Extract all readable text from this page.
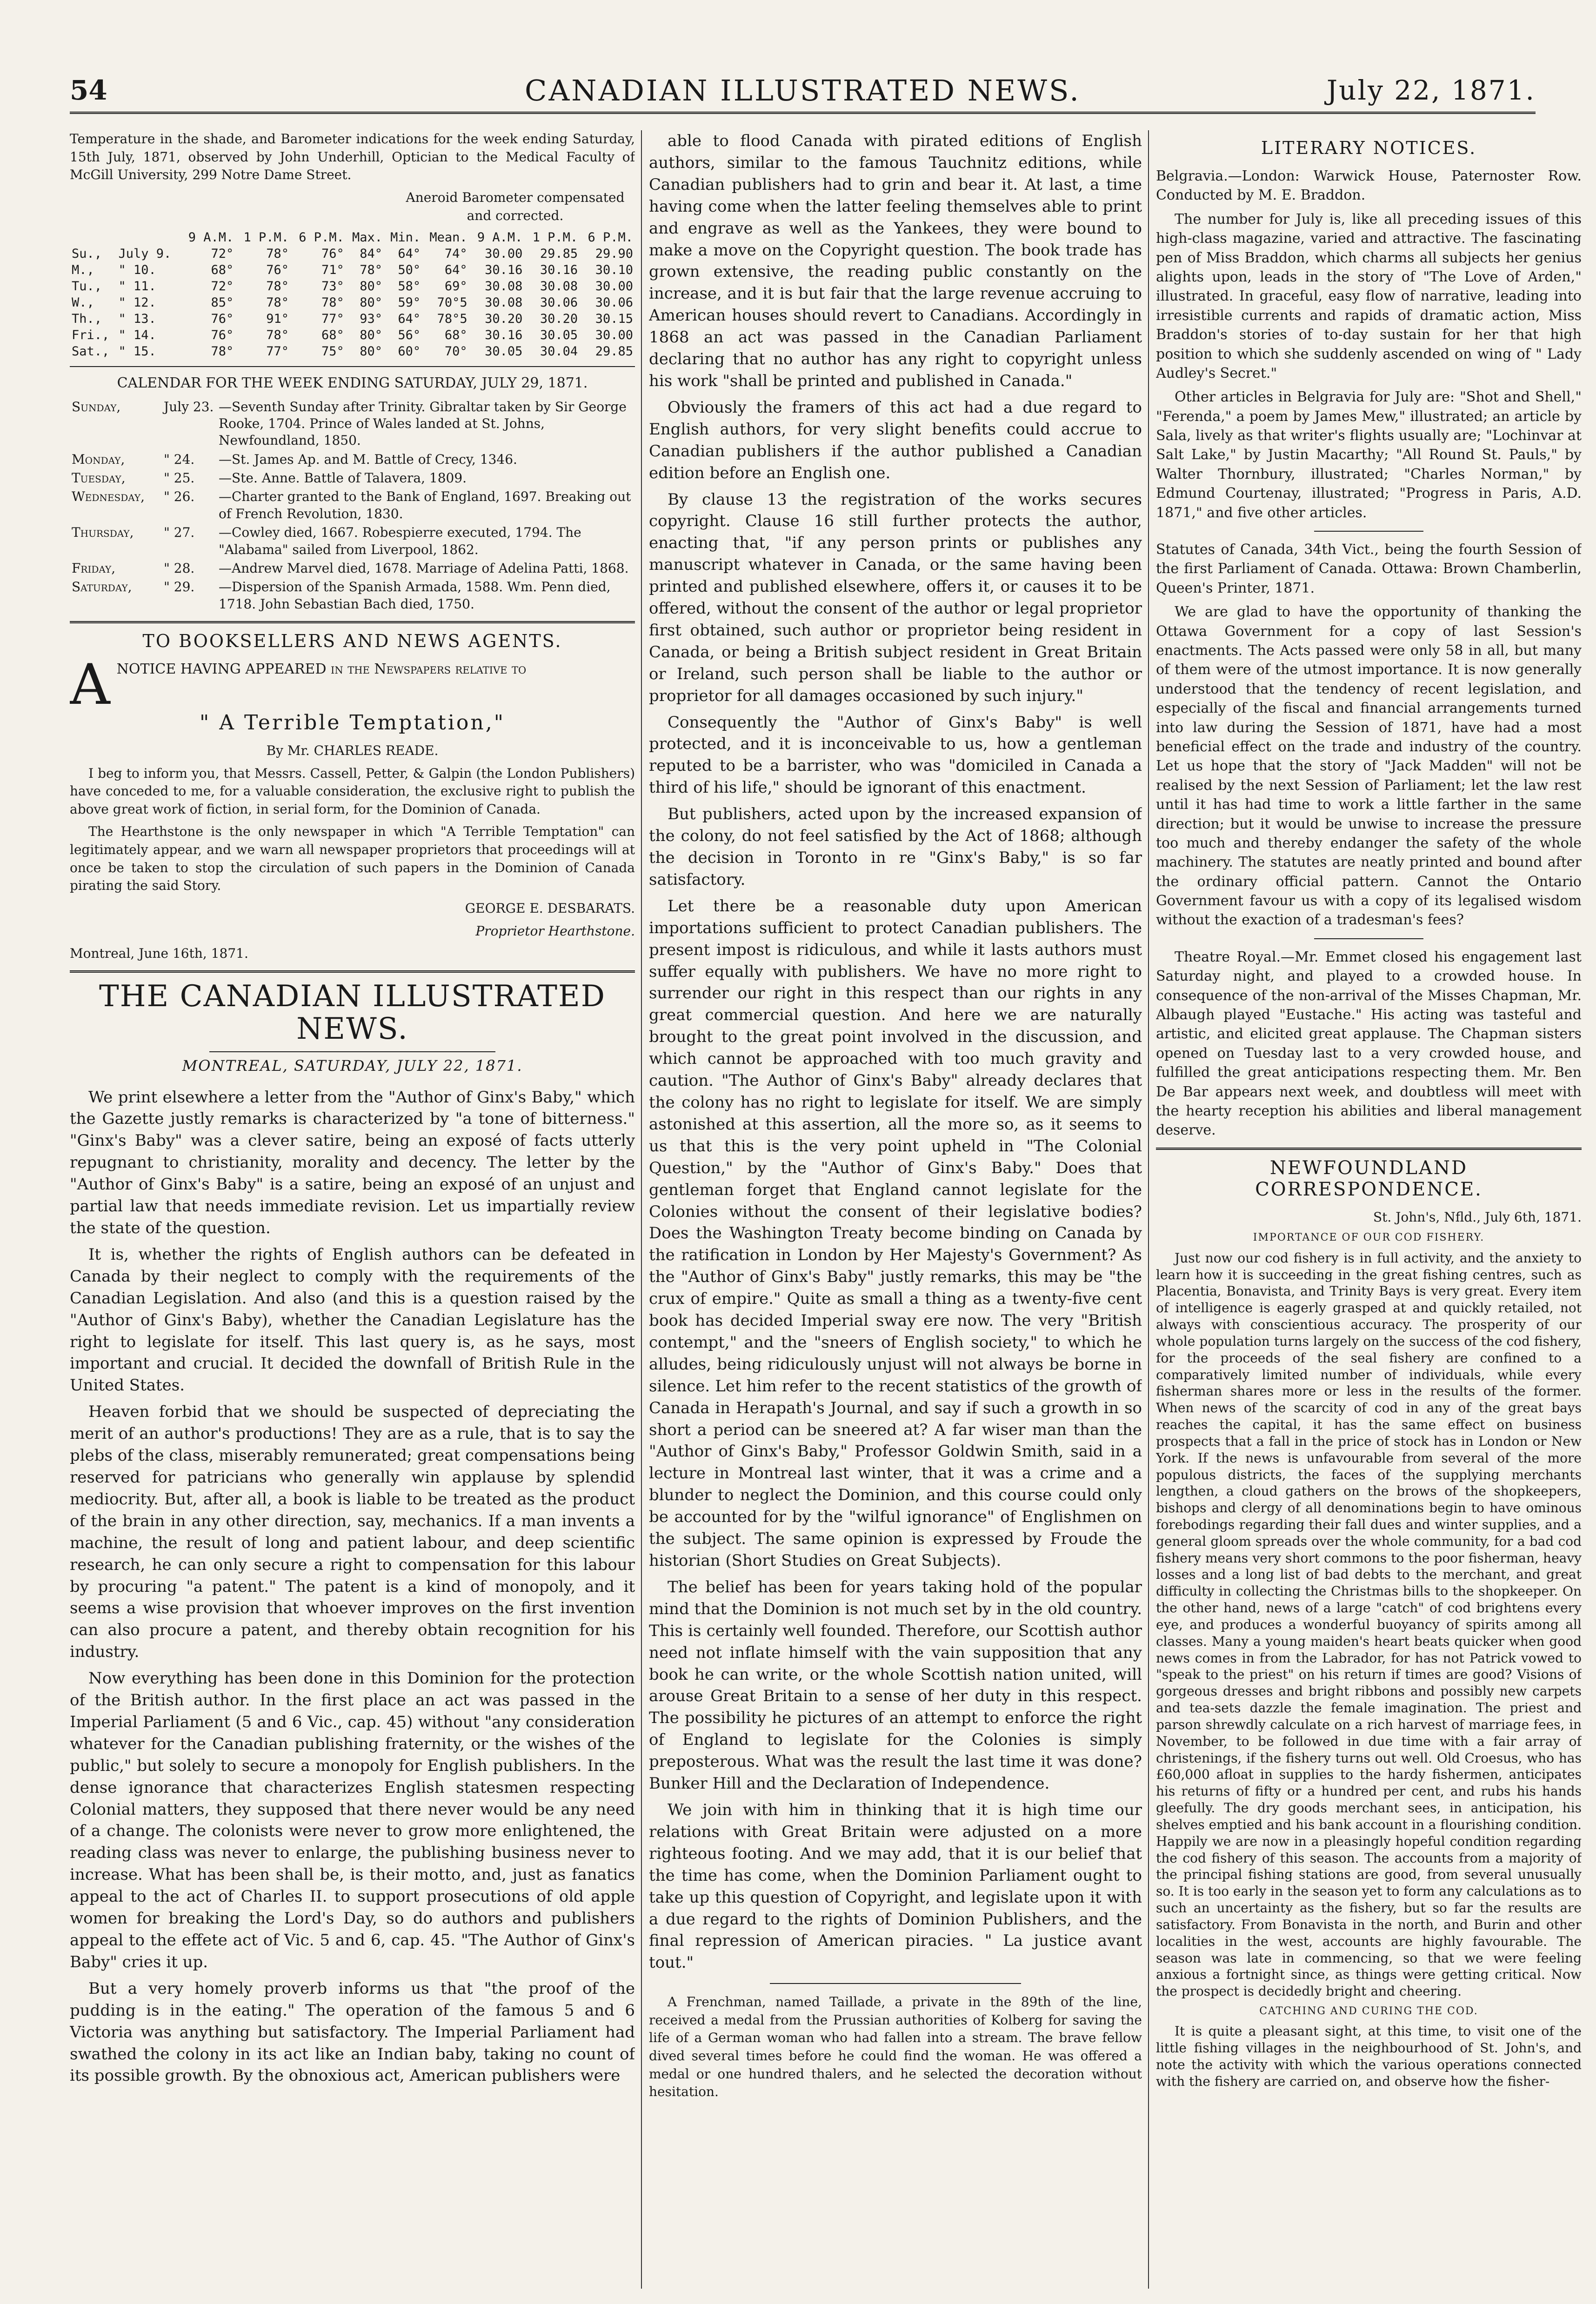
54	CANADIAN ILLUSTRATED NEWS.	July 22, 1871.

Temperature in the shade, and Barometer indications for the week ending Saturday, 15th July, 1871, observed by John Underhill, Optician to the Medical Faculty of McGill University, 299 Notre Dame Street.

Aneroid Barometer compensated and corrected.

		9 A.M.	1 P.M.	6 P.M.	Max.	Min.	Mean.	9 A.M.	1 P.M.	6 P.M.
Su.,	July 9.	72°	78°	76°	84°	64°	74°	30.00	29.85	29.90
M.,	" 10.	68°	76°	71°	78°	50°	64°	30.16	30.16	30.10
Tu.,	" 11.	72°	78°	73°	80°	58°	69°	30.08	30.08	30.00
W.,	" 12.	85°	78°	78°	80°	59°	70°5	30.08	30.06	30.06
Th.,	" 13.	76°	91°	77°	93°	64°	78°5	30.20	30.20	30.15
Fri.,	" 14.	76°	78°	68°	80°	56°	68°	30.16	30.05	30.00
Sat.,	" 15.	78°	77°	75°	80°	60°	70°	30.05	30.04	29.85

CALENDAR FOR THE WEEK ENDING SATURDAY, JULY 29, 1871.

Sunday,	July 23.	—Seventh Sunday after Trinity. Gibraltar taken by Sir George Rooke, 1704. Prince of Wales landed at St. Johns, Newfoundland, 1850.
Monday,	" 24.	—St. James Ap. and M. Battle of Crecy, 1346.
Tuesday,	" 25.	—Ste. Anne. Battle of Talavera, 1809.
Wednesday,	" 26.	—Charter granted to the Bank of England, 1697. Breaking out of French Revolution, 1830.
Thursday,	" 27.	—Cowley died, 1667. Robespierre executed, 1794. The "Alabama" sailed from Liverpool, 1862.
Friday,	" 28.	—Andrew Marvel died, 1678. Marriage of Adelina Patti, 1868.
Saturday,	" 29.	—Dispersion of the Spanish Armada, 1588. Wm. Penn died, 1718. John Sebastian Bach died, 1750.
TO BOOKSELLERS AND NEWS AGENTS.
A NOTICE HAVING APPEARED in the Newspapers relative to

" A Terrible Temptation,"

By Mr. CHARLES READE.

I beg to inform you, that Messrs. Cassell, Petter, & Galpin (the London Publishers) have conceded to me, for a valuable consideration, the exclusive right to publish the above great work of fiction, in serial form, for the Dominion of Canada.

The Hearthstone is the only newspaper in which "A Terrible Temptation" can legitimately appear, and we warn all newspaper proprietors that proceedings will at once be taken to stop the circulation of such papers in the Dominion of Canada pirating the said Story.

GEORGE E. DESBARATS.

Proprietor Hearthstone.

Montreal, June 16th, 1871.

THE CANADIAN ILLUSTRATED NEWS.
MONTREAL, SATURDAY, JULY 22, 1871.

We print elsewhere a letter from the "Author of Ginx's Baby," which the Gazette justly remarks is characterized by "a tone of bitterness." "Ginx's Baby" was a clever satire, being an exposé of facts utterly repugnant to christianity, morality and decency. The letter by the "Author of Ginx's Baby" is a satire, being an exposé of an unjust and partial law that needs immediate revision. Let us impartially review the state of the question.

It is, whether the rights of English authors can be defeated in Canada by their neglect to comply with the requirements of the Canadian Legislation. And also (and this is a question raised by the "Author of Ginx's Baby), whether the Canadian Legislature has the right to legislate for itself. This last query is, as he says, most important and crucial. It decided the downfall of British Rule in the United States.

Heaven forbid that we should be suspected of depreciating the merit of an author's productions! They are as a rule, that is to say the plebs of the class, miserably remunerated; great compensations being reserved for patricians who generally win applause by splendid mediocrity. But, after all, a book is liable to be treated as the product of the brain in any other direction, say, mechanics. If a man invents a machine, the result of long and patient labour, and deep scientific research, he can only secure a right to compensation for this labour by procuring "a patent." The patent is a kind of monopoly, and it seems a wise provision that whoever improves on the first invention can also procure a patent, and thereby obtain recognition for his industry.

Now everything has been done in this Dominion for the protection of the British author. In the first place an act was passed in the Imperial Parliament (5 and 6 Vic., cap. 45) without "any consideration whatever for the Canadian publishing fraternity, or the wishes of the public," but solely to secure a monopoly for English publishers. In the dense ignorance that characterizes English statesmen respecting Colonial matters, they supposed that there never would be any need of a change. The colonists were never to grow more enlightened, the reading class was never to enlarge, the publishing business never to increase. What has been shall be, is their motto, and, just as fanatics appeal to the act of Charles II. to support prosecutions of old apple women for breaking the Lord's Day, so do authors and publishers appeal to the effete act of Vic. 5 and 6, cap. 45. "The Author of Ginx's Baby" cries it up.

But a very homely proverb informs us that "the proof of the pudding is in the eating." The operation of the famous 5 and 6 Victoria was anything but satisfactory. The Imperial Parliament had swathed the colony in its act like an Indian baby, taking no count of its possible growth. By the obnoxious act, American publishers were

able to flood Canada with pirated editions of English authors, similar to the famous Tauchnitz editions, while Canadian publishers had to grin and bear it. At last, a time having come when the latter feeling themselves able to print and engrave as well as the Yankees, they were bound to make a move on the Copyright question. The book trade has grown extensive, the reading public constantly on the increase, and it is but fair that the large revenue accruing to American houses should revert to Canadians. Accordingly in 1868 an act was passed in the Canadian Parliament declaring that no author has any right to copyright unless his work "shall be printed and published in Canada."

Obviously the framers of this act had a due regard to English authors, for very slight benefits could accrue to Canadian publishers if the author published a Canadian edition before an English one.

By clause 13 the registration of the works secures copyright. Clause 16 still further protects the author, enacting that, "if any person prints or publishes any manuscript whatever in Canada, or the same having been printed and published elsewhere, offers it, or causes it to be offered, without the consent of the author or legal proprietor first obtained, such author or proprietor being resident in Canada, or being a British subject resident in Great Britain or Ireland, such person shall be liable to the author or proprietor for all damages occasioned by such injury."

Consequently the "Author of Ginx's Baby" is well protected, and it is inconceivable to us, how a gentleman reputed to be a barrister, who was "domiciled in Canada a third of his life," should be ignorant of this enactment.

But publishers, acted upon by the increased expansion of the colony, do not feel satisfied by the Act of 1868; although the decision in Toronto in re "Ginx's Baby," is so far satisfactory.

Let there be a reasonable duty upon American importations sufficient to protect Canadian publishers. The present impost is ridiculous, and while it lasts authors must suffer equally with publishers. We have no more right to surrender our right in this respect than our rights in any great commercial question. And here we are naturally brought to the great point involved in the discussion, and which cannot be approached with too much gravity and caution. "The Author of Ginx's Baby" already declares that the colony has no right to legislate for itself. We are simply astonished at this assertion, all the more so, as it seems to us that this is the very point upheld in "The Colonial Question," by the "Author of Ginx's Baby." Does that gentleman forget that England cannot legislate for the Colonies without the consent of their legislative bodies? Does the Washington Treaty become binding on Canada by the ratification in London by Her Majesty's Government? As the "Author of Ginx's Baby" justly remarks, this may be "the crux of empire." Quite as small a thing as a twenty-five cent book has decided Imperial sway ere now. The very "British contempt," and the "sneers of English society," to which he alludes, being ridiculously unjust will not always be borne in silence. Let him refer to the recent statistics of the growth of Canada in Herapath's Journal, and say if such a growth in so short a period can be sneered at? A far wiser man than the "Author of Ginx's Baby," Professor Goldwin Smith, said in a lecture in Montreal last winter, that it was a crime and a blunder to neglect the Dominion, and this course could only be accounted for by the "wilful ignorance" of Englishmen on the subject. The same opinion is expressed by Froude the historian (Short Studies on Great Subjects).

The belief has been for years taking hold of the popular mind that the Dominion is not much set by in the old country. This is certainly well founded. Therefore, our Scottish author need not inflate himself with the vain supposition that any book he can write, or the whole Scottish nation united, will arouse Great Britain to a sense of her duty in this respect. The possibility he pictures of an attempt to enforce the right of England to legislate for the Colonies is simply preposterous. What was the result the last time it was done? Bunker Hill and the Declaration of Independence.

We join with him in thinking that it is high time our relations with Great Britain were adjusted on a more righteous footing. And we may add, that it is our belief that the time has come, when the Dominion Parliament ought to take up this question of Copyright, and legislate upon it with a due regard to the rights of Dominion Publishers, and the final repression of American piracies. " La justice avant tout."

A Frenchman, named Taillade, a private in the 89th of the line, received a medal from the Prussian authorities of Kolberg for saving the life of a German woman who had fallen into a stream. The brave fellow dived several times before he could find the woman. He was offered a medal or one hundred thalers, and he selected the decoration without hesitation.

LITERARY NOTICES.

Belgravia.—London: Warwick House, Paternoster Row. Conducted by M. E. Braddon.

The number for July is, like all preceding issues of this high-class magazine, varied and attractive. The fascinating pen of Miss Braddon, which charms all subjects her genius alights upon, leads in the story of "The Love of Arden," illustrated. In graceful, easy flow of narrative, leading into irresistible currents and rapids of dramatic action, Miss Braddon's stories of to-day sustain for her that high position to which she suddenly ascended on wing of " Lady Audley's Secret."

Other articles in Belgravia for July are: "Shot and Shell," "Ferenda," a poem by James Mew," illustrated; an article by Sala, lively as that writer's flights usually are; "Lochinvar at Salt Lake," by Justin Macarthy; "All Round St. Pauls," by Walter Thornbury, illustrated; "Charles Norman," by Edmund Courtenay, illustrated; "Progress in Paris, A.D. 1871," and five other articles.

Statutes of Canada, 34th Vict., being the fourth Session of the first Parliament of Canada. Ottawa: Brown Chamberlin, Queen's Printer, 1871.

We are glad to have the opportunity of thanking the Ottawa Government for a copy of last Session's enactments. The Acts passed were only 58 in all, but many of them were of the utmost importance. It is now generally understood that the tendency of recent legislation, and especially of the fiscal and financial arrangements turned into law during the Session of 1871, have had a most beneficial effect on the trade and industry of the country. Let us hope that the story of "Jack Madden" will not be realised by the next Session of Parliament; let the law rest until it has had time to work a little farther in the same direction; but it would be unwise to increase the pressure too much and thereby endanger the safety of the whole machinery. The statutes are neatly printed and bound after the ordinary official pattern. Cannot the Ontario Government favour us with a copy of its legalised wisdom without the exaction of a tradesman's fees?

Theatre Royal.—Mr. Emmet closed his engagement last Saturday night, and played to a crowded house. In consequence of the non-arrival of the Misses Chapman, Mr. Albaugh played "Eustache." His acting was tasteful and artistic, and elicited great applause. The Chapman sisters opened on Tuesday last to a very crowded house, and fulfilled the great anticipations respecting them. Mr. Ben De Bar appears next week, and doubtless will meet with the hearty reception his abilities and liberal management deserve.

NEWFOUNDLAND CORRESPONDENCE.

St. John's, Nfld., July 6th, 1871.

IMPORTANCE OF OUR COD FISHERY.

Just now our cod fishery is in full activity, and the anxiety to learn how it is succeeding in the great fishing centres, such as Placentia, Bonavista, and Trinity Bays is very great. Every item of intelligence is eagerly grasped at and quickly retailed, not always with conscientious accuracy. The prosperity of our whole population turns largely on the success of the cod fishery, for the proceeds of the seal fishery are confined to a comparatively limited number of individuals, while every fisherman shares more or less in the results of the former. When news of the scarcity of cod in any of the great bays reaches the capital, it has the same effect on business prospects that a fall in the price of stock has in London or New York. If the news is unfavourable from several of the more populous districts, the faces of the supplying merchants lengthen, a cloud gathers on the brows of the shopkeepers, bishops and clergy of all denominations begin to have ominous forebodings regarding their fall dues and winter supplies, and a general gloom spreads over the whole community, for a bad cod fishery means very short commons to the poor fisherman, heavy losses and a long list of bad debts to the merchant, and great difficulty in collecting the Christmas bills to the shopkeeper. On the other hand, news of a large "catch" of cod brightens every eye, and produces a wonderful buoyancy of spirits among all classes. Many a young maiden's heart beats quicker when good news comes in from the Labrador, for has not Patrick vowed to "speak to the priest" on his return if times are good? Visions of gorgeous dresses and bright ribbons and possibly new carpets and tea-sets dazzle the female imagination. The priest and parson shrewdly calculate on a rich harvest of marriage fees, in November, to be followed in due time with a fair array of christenings, if the fishery turns out well. Old Croesus, who has £60,000 afloat in supplies to the hardy fishermen, anticipates his returns of fifty or a hundred per cent, and rubs his hands gleefully. The dry goods merchant sees, in anticipation, his shelves emptied and his bank account in a flourishing condition. Happily we are now in a pleasingly hopeful condition regarding the cod fishery of this season. The accounts from a majority of the principal fishing stations are good, from several unusually so. It is too early in the season yet to form any calculations as to such an uncertainty as the fishery, but so far the results are satisfactory. From Bonavista in the north, and Burin and other localities in the west, accounts are highly favourable. The season was late in commencing, so that we were feeling anxious a fortnight since, as things were getting critical. Now the prospect is decidedly bright and cheering.

CATCHING AND CURING THE COD.

It is quite a pleasant sight, at this time, to visit one of the little fishing villages in the neighbourhood of St. John's, and note the activity with which the various operations connected with the fishery are carried on, and observe how the fisher-
